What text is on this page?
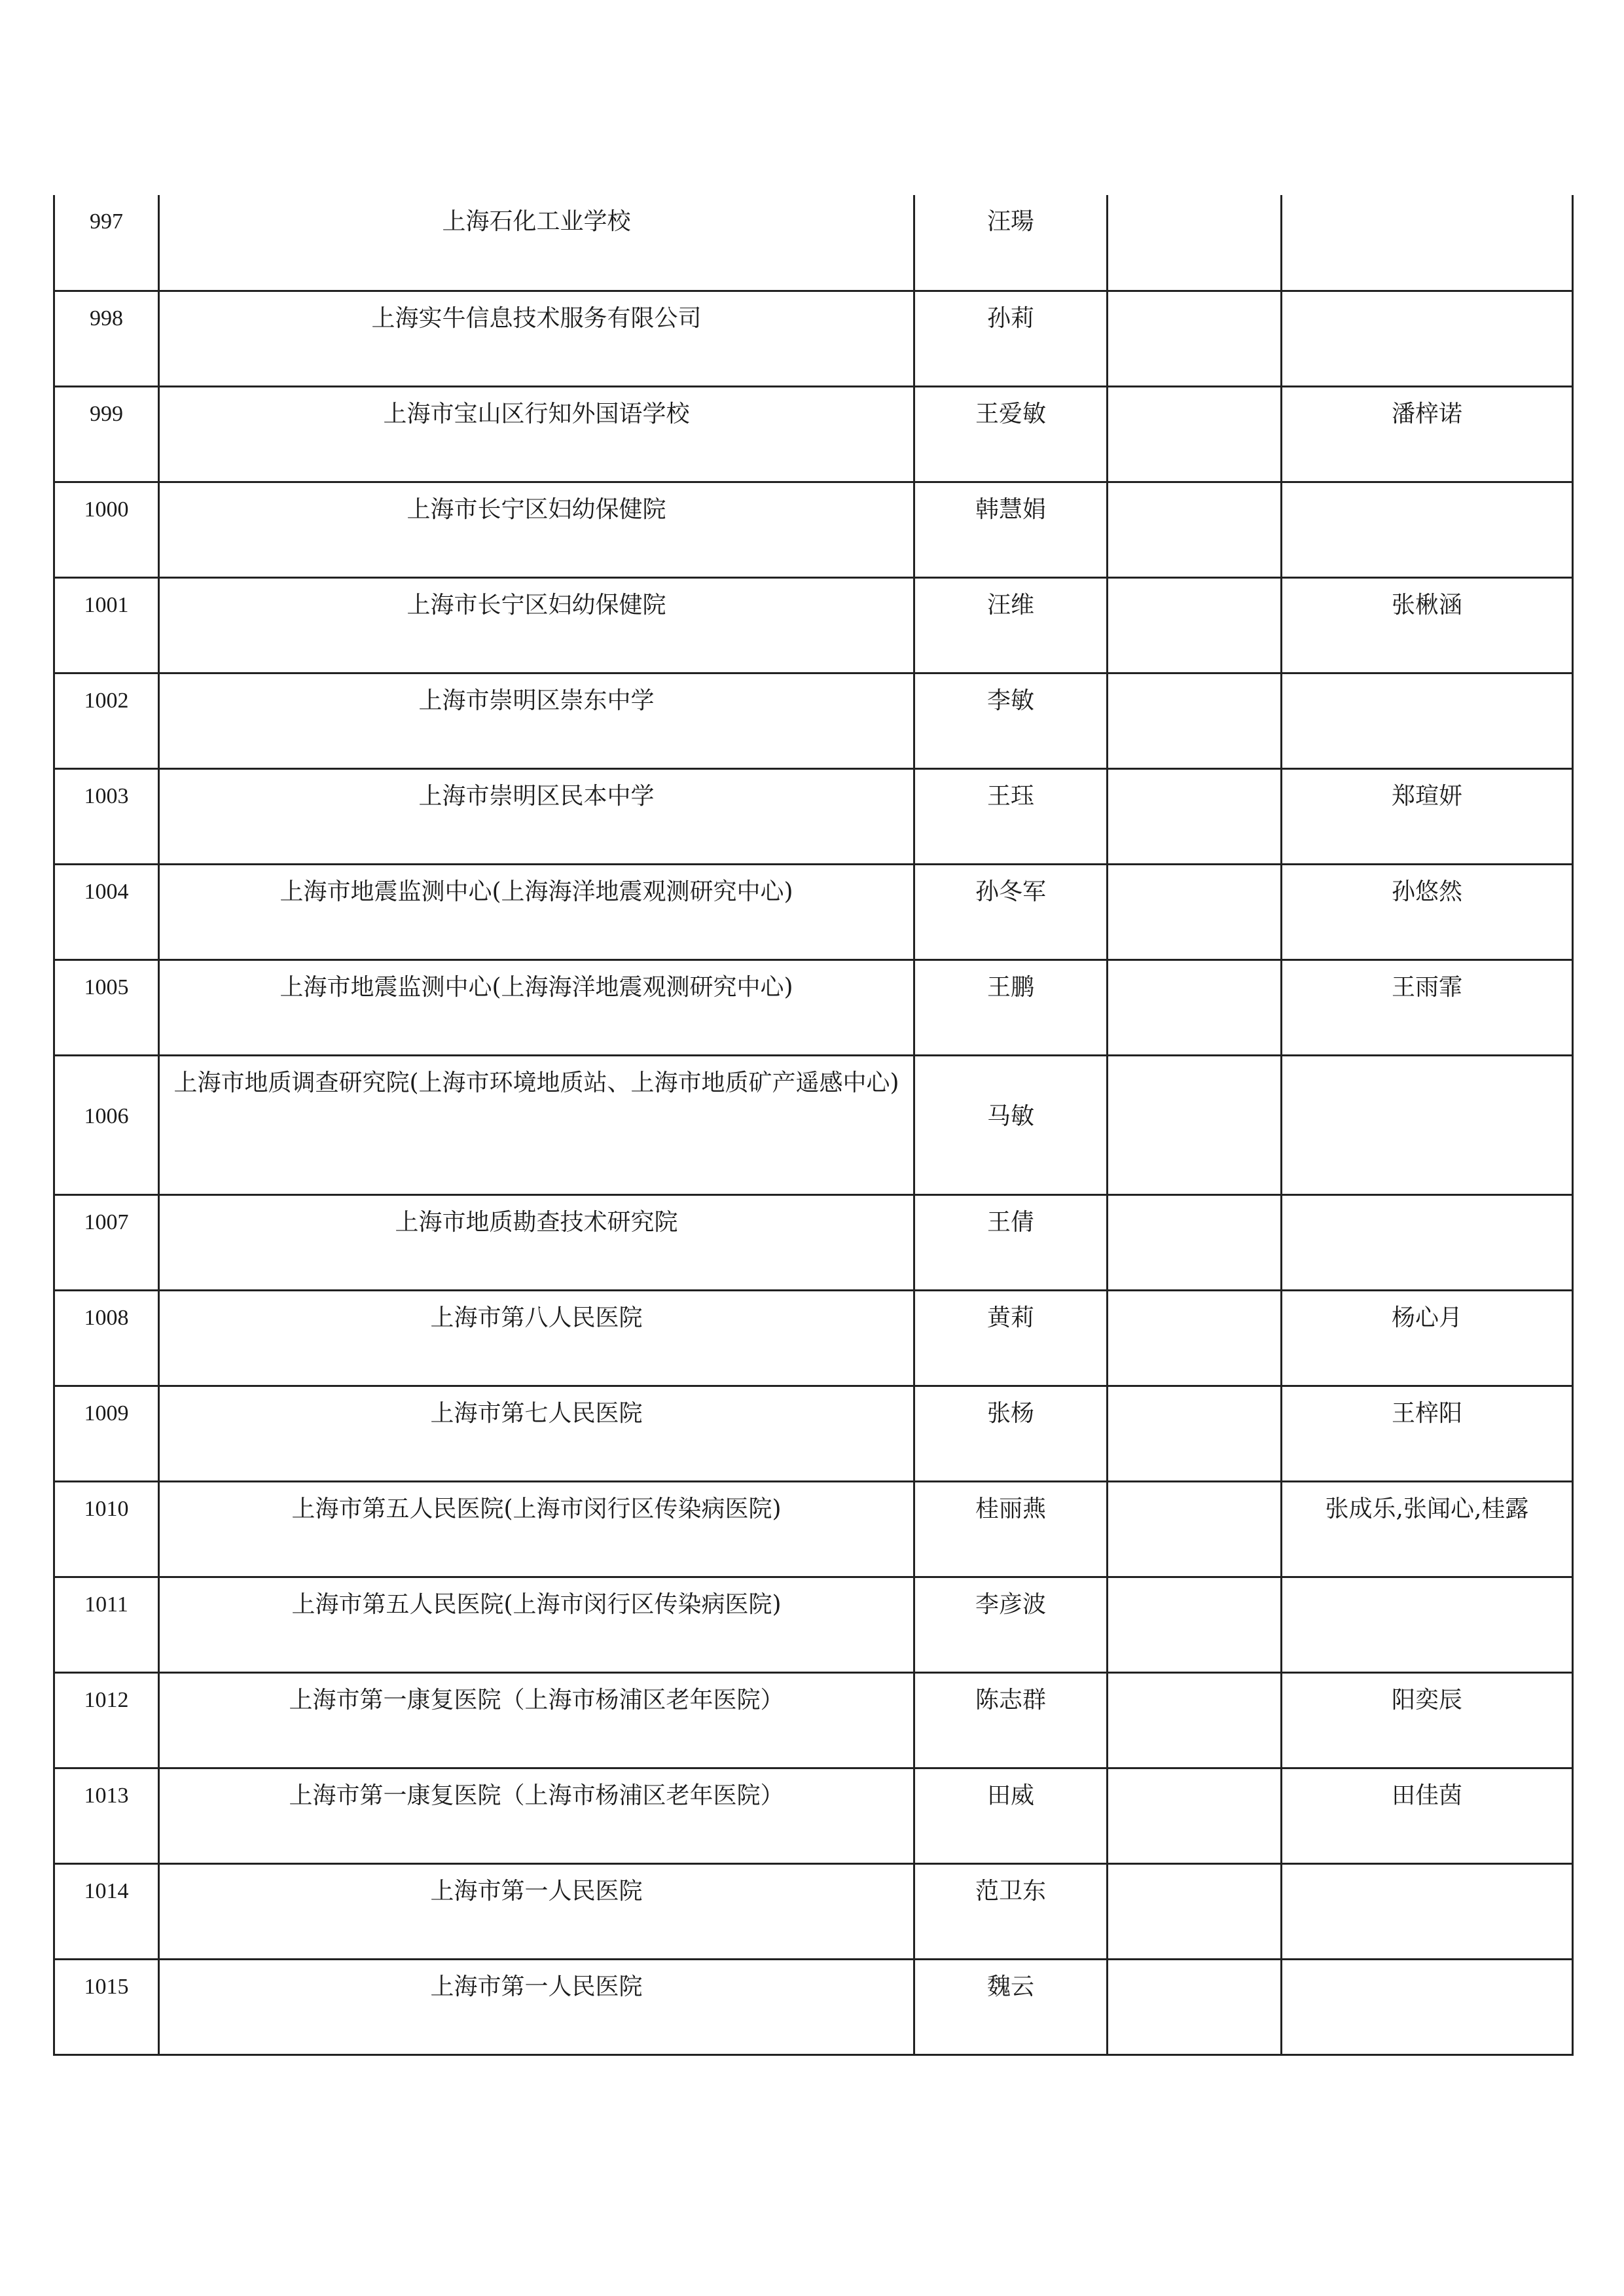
997	上海石化工业学校	汪瑒		
998	上海实牛信息技术服务有限公司	孙莉		
999	上海市宝山区行知外国语学校	王爱敏		潘梓诺
1000	上海市长宁区妇幼保健院	韩慧娟		
1001	上海市长宁区妇幼保健院	汪维		张楸涵
1002	上海市崇明区崇东中学	李敏		
1003	上海市崇明区民本中学	王珏		郑瑄妍
1004	上海市地震监测中心(上海海洋地震观测研究中心)	孙冬军		孙悠然
1005	上海市地震监测中心(上海海洋地震观测研究中心)	王鹏		王雨霏
1006	上海市地质调查研究院(上海市环境地质站、上海市地质矿产遥感中心)	马敏		
1007	上海市地质勘查技术研究院	王倩		
1008	上海市第八人民医院	黄莉		杨心月
1009	上海市第七人民医院	张杨		王梓阳
1010	上海市第五人民医院(上海市闵行区传染病医院)	桂丽燕		张成乐,张闻心,桂露
1011	上海市第五人民医院(上海市闵行区传染病医院)	李彦波		
1012	上海市第一康复医院（上海市杨浦区老年医院）	陈志群		阳奕辰
1013	上海市第一康复医院（上海市杨浦区老年医院）	田威		田佳茵
1014	上海市第一人民医院	范卫东		
1015	上海市第一人民医院	魏云		
